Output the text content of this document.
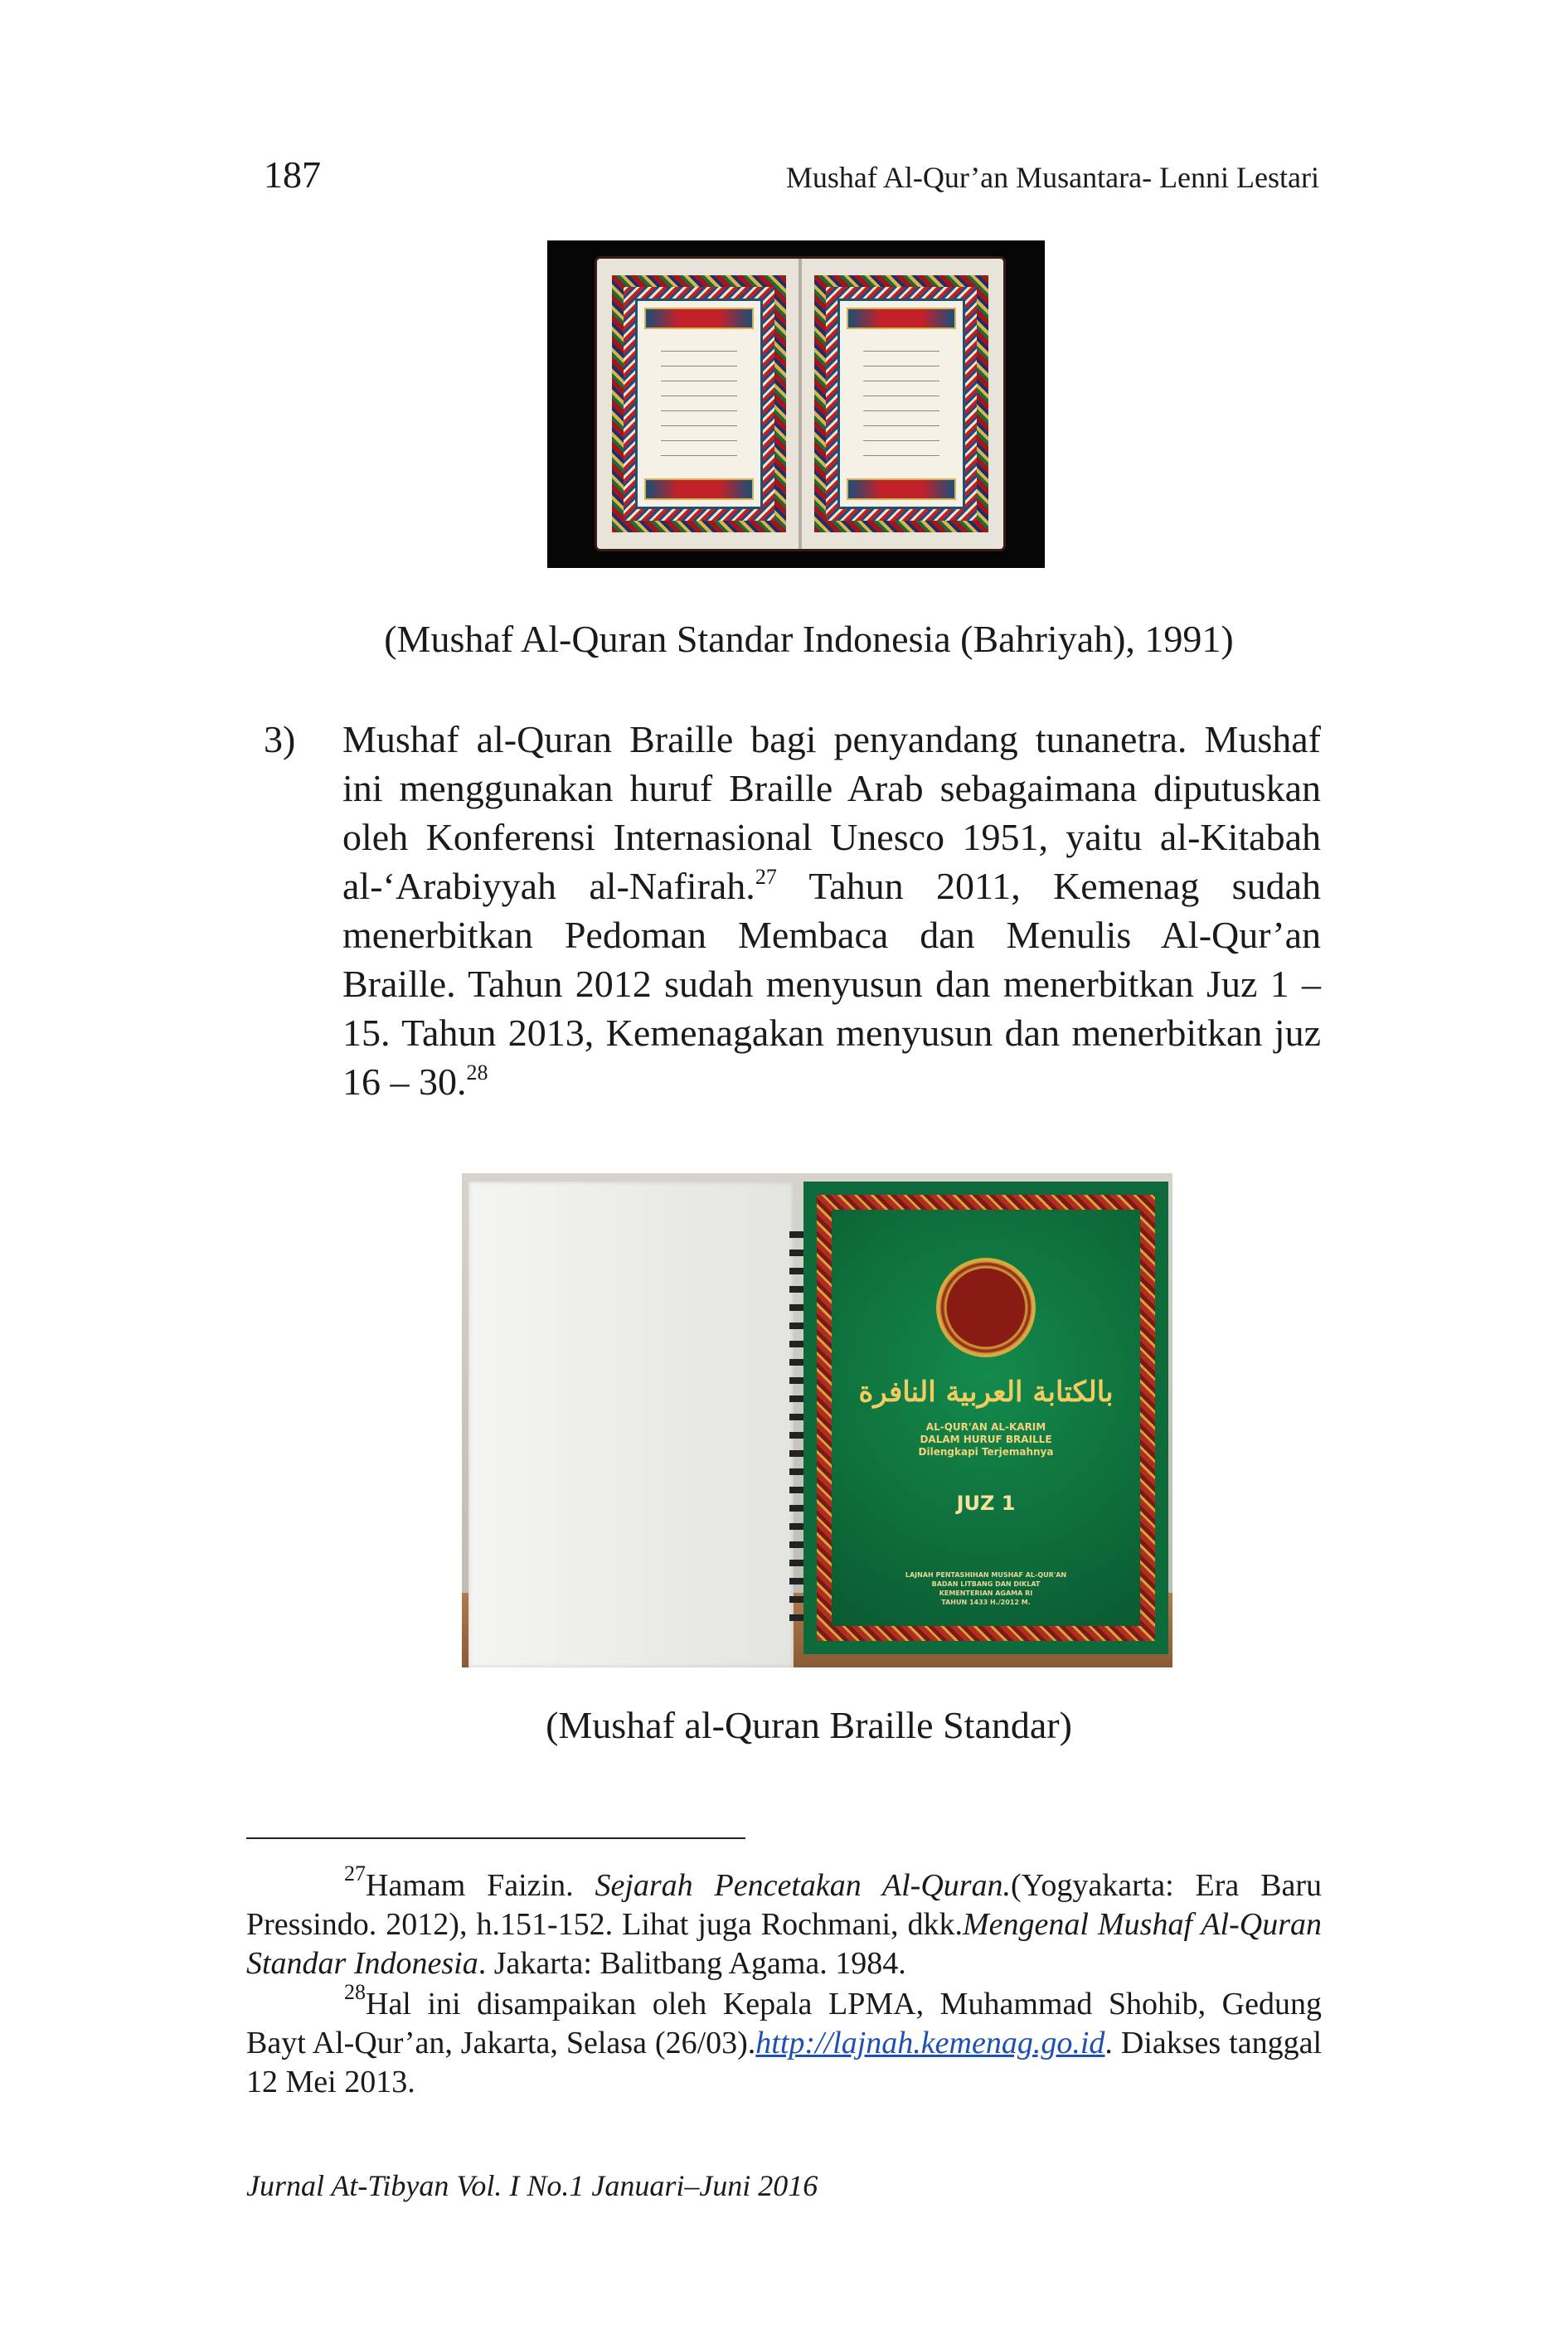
187	Mushaf Al-Qur’an Musantara- Lenni Lestari
(Mushaf Al-Quran Standar Indonesia (Bahriyah), 1991)
3) Mushaf al-Quran Braille bagi penyandang tunanetra. Mushaf ini menggunakan huruf Braille Arab sebagaimana diputuskan oleh Konferensi Internasional Unesco 1951, yaitu al-Kitabah al-‘Arabiyyah al-Nafirah.$^{27}$ Tahun 2011, Kemenag sudah menerbitkan Pedoman Membaca dan Menulis Al-Qur’an Braille. Tahun 2012 sudah menyusun dan menerbitkan Juz 1 – 15. Tahun 2013, Kemenagakan menyusun dan menerbitkan juz 16 – 30.28
بالكتابة العربية النافرة
AL-QUR'AN AL-KARIM
DALAM HURUF BRAILLE
Dilengkapi Terjemahnya
JUZ 1
LAJNAH PENTASHIHAN MUSHAF AL-QUR'AN
BADAN LITBANG DAN DIKLAT
KEMENTERIAN AGAMA RI
TAHUN 1433 H./2012 M.
(Mushaf al-Quran Braille Standar)
$^{27}$Hamam Faizin. Sejarah Pencetakan Al-Quran.(Yogyakarta: Era Baru Pressindo. 2012), h.151-152. Lihat juga Rochmani, dkk.Mengenal Mushaf Al-Quran Standar Indonesia. Jakarta: Balitbang Agama. 1984.
$^{28}$Hal ini disampaikan oleh Kepala LPMA, Muhammad Shohib, Gedung Bayt Al-Qur’an, Jakarta, Selasa (26/03).http://lajnah.kemenag.go.id. Diakses tanggal 12 Mei 2013.
Jurnal At-Tibyan Vol. I No.1 Januari–Juni 2016
